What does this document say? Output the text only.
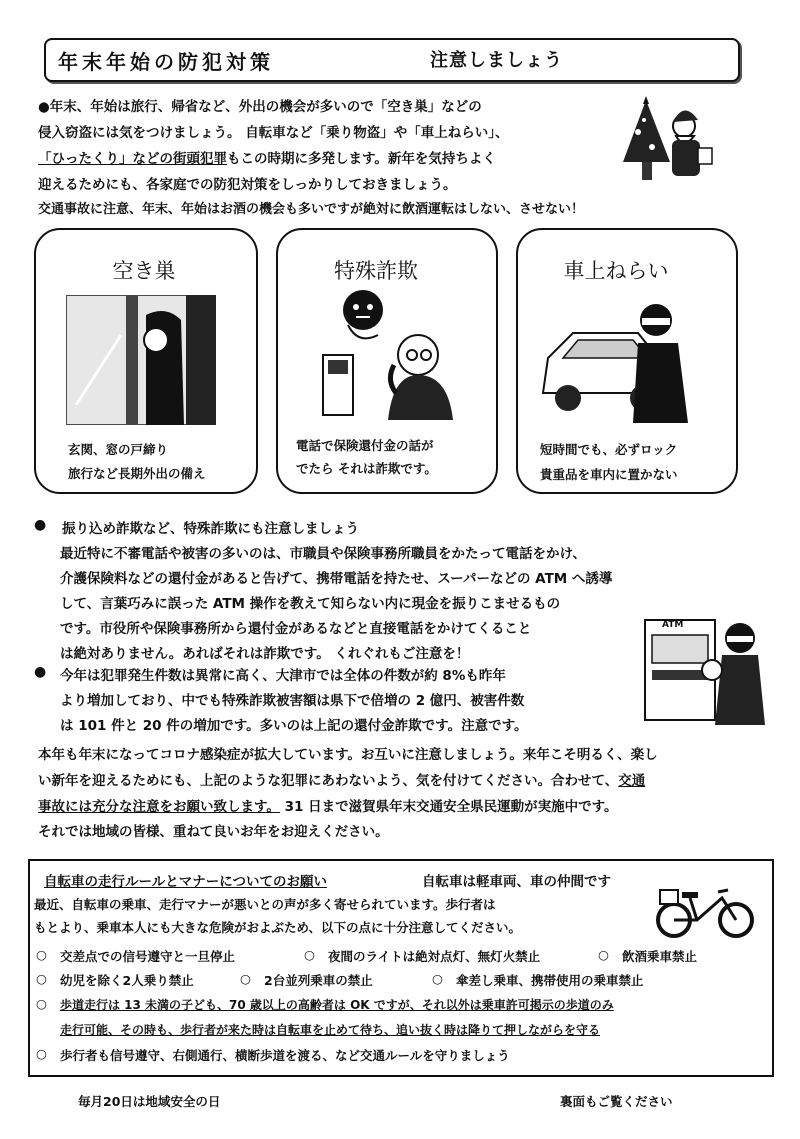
年末年始の防犯対策	注意しましょう
●年末、年始は旅行、帰省など、外出の機会が多いので「空き巣」などの
侵入窃盗には気をつけましょう。 自転車など「乗り物盗」や「車上ねらい」、
「ひったくり」などの街頭犯罪もこの時期に多発します。新年を気持ちよく
迎えるためにも、各家庭での防犯対策をしっかりしておきましょう。
交通事故に注意、年末、年始はお酒の機会も多いですが絶対に飲酒運転はしない、させない！
空き巣
玄関、窓の戸締り
旅行など長期外出の備え
特殊詐欺
電話で保険還付金の話が
でたら それは詐欺です。
車上ねらい
短時間でも、必ずロック
貴重品を車内に置かない
● 振り込め詐欺など、特殊詐欺にも注意しましょう
最近特に不審電話や被害の多いのは、市職員や保険事務所職員をかたって電話をかけ、
介護保険料などの還付金があると告げて、携帯電話を持たせ、スーパーなどの ATM へ誘導
して、言葉巧みに誤った ATM 操作を教えて知らない内に現金を振りこませるもの
です。市役所や保険事務所から還付金があるなどと直接電話をかけてくること
は絶対ありません。あればそれは詐欺です。 くれぐれもご注意を！
● 今年は犯罪発生件数は異常に高く、大津市では全体の件数が約 8%も昨年
より増加しており、中でも特殊詐欺被害額は県下で倍増の 2 億円、被害件数
は 101 件と 20 件の増加です。多いのは上記の還付金詐欺です。注意です。
ATM
本年も年末になってコロナ感染症が拡大しています。お互いに注意しましょう。来年こそ明るく、楽し
い新年を迎えるためにも、上記のような犯罪にあわないよう、気を付けてください。合わせて、交通
事故には充分な注意をお願い致します。 31 日まで滋賀県年末交通安全県民運動が実施中です。
それでは地域の皆様、重ねて良いお年をお迎えください。
自転車の走行ルールとマナーについてのお願い	自転車は軽車両、車の仲間です
最近、自転車の乗車、走行マナーが悪いとの声が多く寄せられています。歩行者は
もとより、乗車本人にも大きな危険がおよぶため、以下の点に十分注意してください。
○ 交差点での信号遵守と一旦停止	○ 夜間のライトは絶対点灯、無灯火禁止	○ 飲酒乗車禁止
○ 幼児を除く2人乗り禁止	○ 2台並列乗車の禁止	○ 傘差し乗車、携帯使用の乗車禁止
○ 歩道走行は 13 未満の子ども、70 歳以上の高齢者は OK ですが、それ以外は乗車許可掲示の歩道のみ
走行可能、その時も、歩行者が来た時は自転車を止めて待ち、追い抜く時は降りて押しながらを守る
○ 歩行者も信号遵守、右側通行、横断歩道を渡る、など交通ルールを守りましょう
毎月20日は地域安全の日	裏面もご覧ください
